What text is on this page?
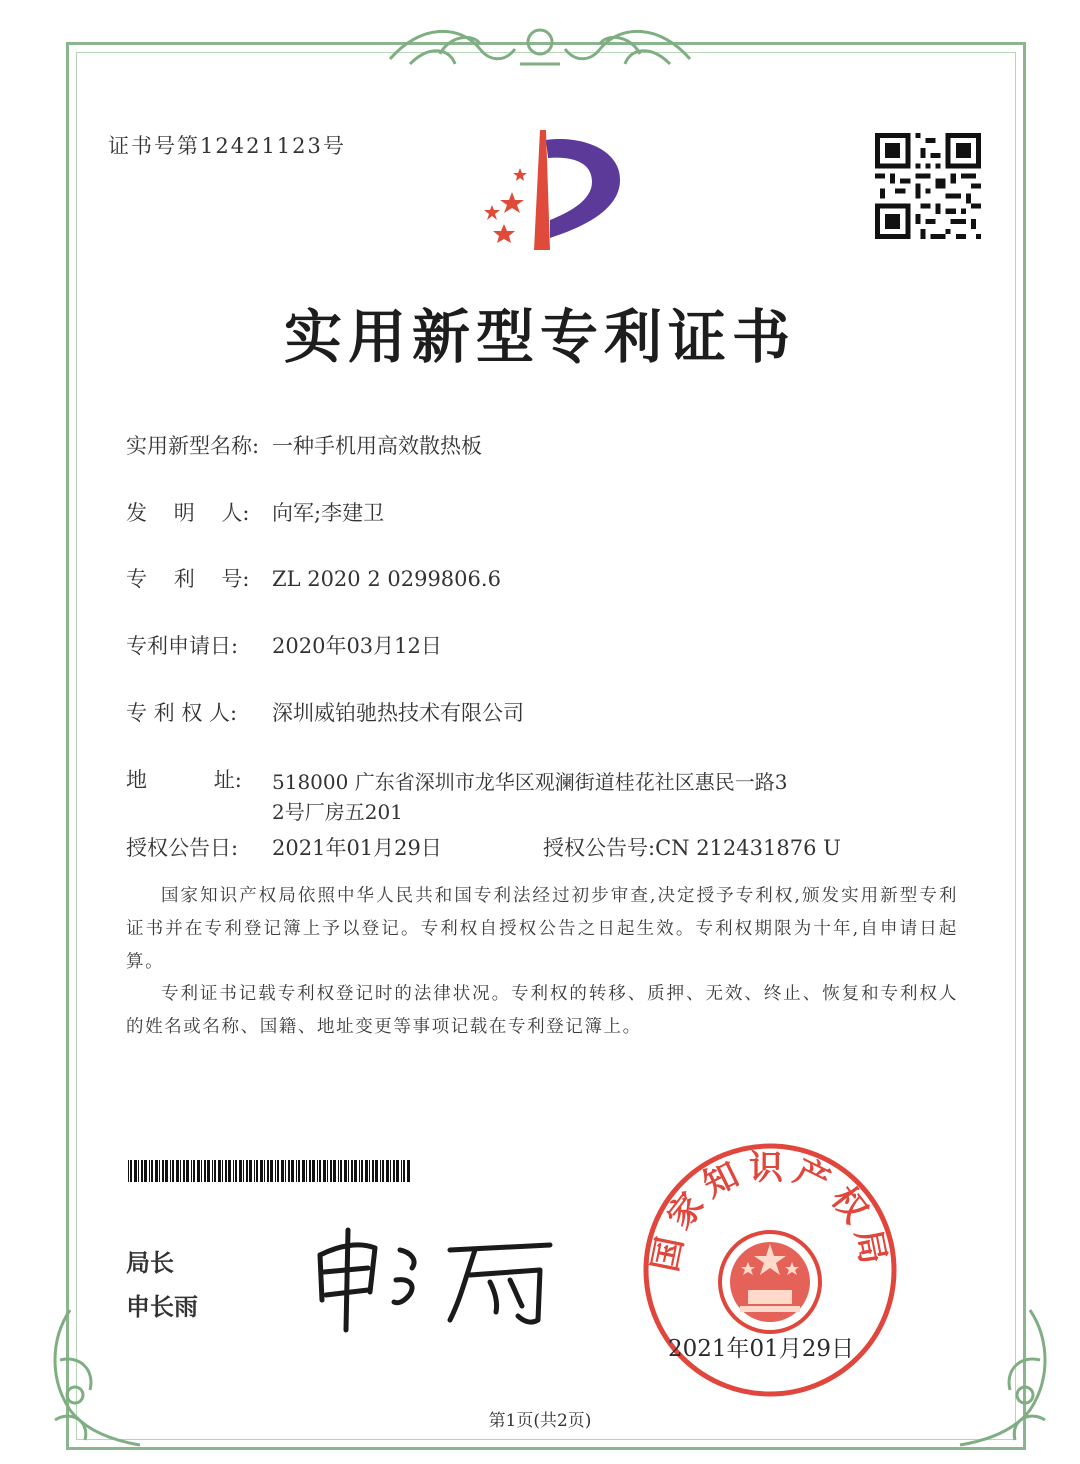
证书号第12421123号
实用新型专利证书
实用新型名称: 一种手机用高效散热板
发    明    人: 向军;李建卫
专    利    号: ZL 2020 2 0299806.6
专利申请日: 2020年03月12日
专 利 权 人: 深圳威铂驰热技术有限公司
地          址:	518000 广东省深圳市龙华区观澜街道桂花社区惠民一路3
2号厂房五201
授权公告日: 2021年01月29日	授权公告号:CN 212431876 U
国家知识产权局依照中华人民共和国专利法经过初步审查,决定授予专利权,颁发实用新型专利证书并在专利登记簿上予以登记。专利权自授权公告之日起生效。专利权期限为十年,自申请日起算。
专利证书记载专利权登记时的法律状况。专利权的转移、质押、无效、终止、恢复和专利权人的姓名或名称、国籍、地址变更等事项记载在专利登记簿上。
局长
申长雨
国家知识产权局
2021年01月29日
第1页(共2页)
